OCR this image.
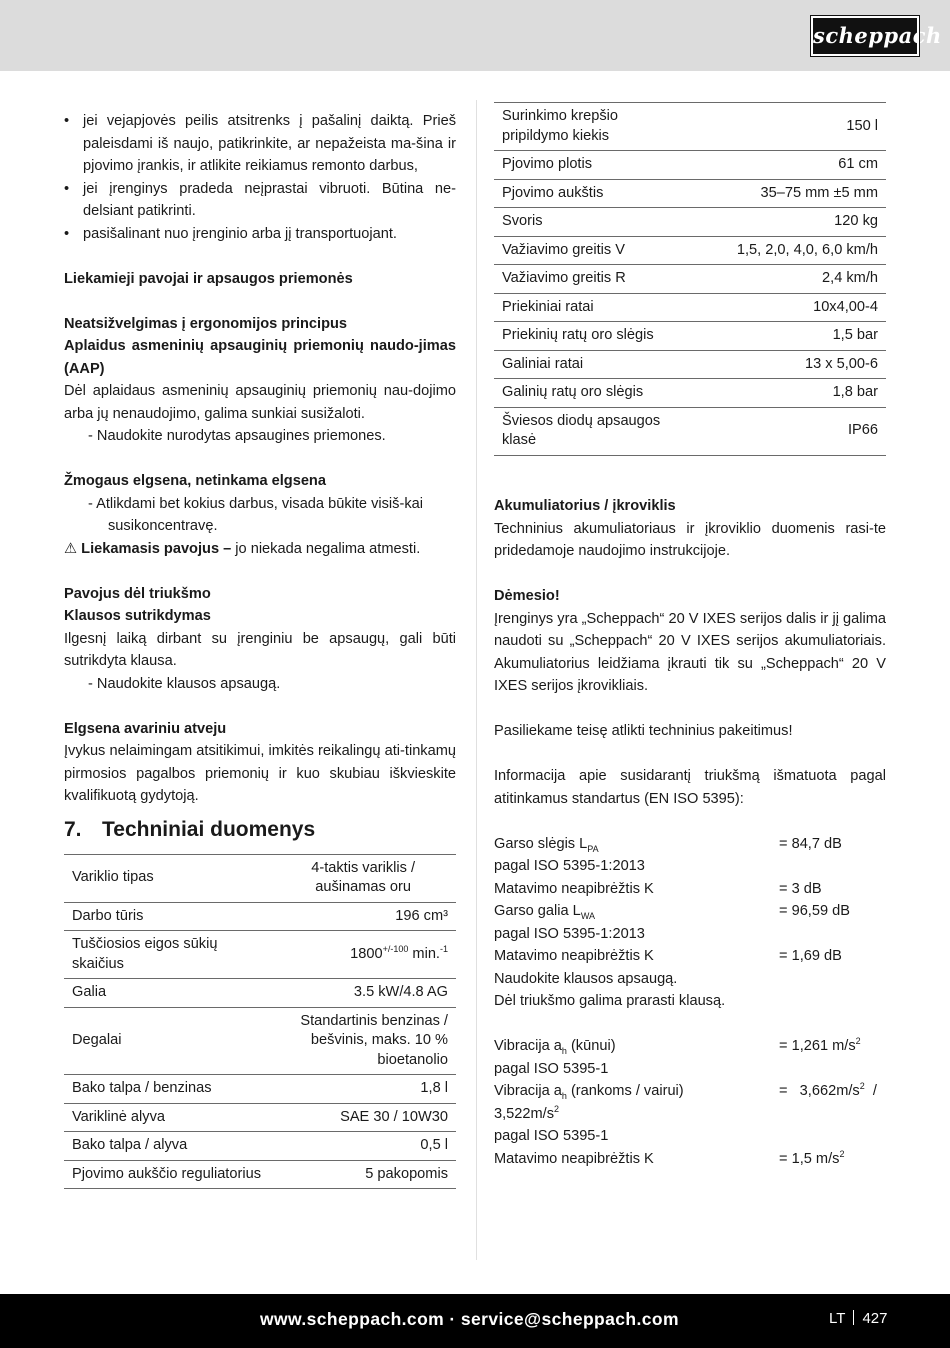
scheppach
• jei vejapjovės peilis atsitrenks į pašalinį daiktą. Prieš paleisdami iš naujo, patikrinkite, ar nepažeista ma-šina ir pjovimo įrankis, ir atlikite reikiamus remonto darbus,
• jei įrenginys pradeda neįprastai vibruoti. Būtina ne-delsiant patikrinti.
• pasišalinant nuo įrenginio arba jį transportuojant.

Liekamieji pavojai ir apsaugos priemonės

Neatsižvelgimas į ergonomijos principus

Aplaidus asmeninių apsauginių priemonių naudo-jimas (AAP)

Dėl aplaidaus asmeninių apsauginių priemonių nau-dojimo arba jų nenaudojimo, galima sunkiai susižaloti.

- Naudokite nurodytas apsaugines priemones.

Žmogaus elgsena, netinkama elgsena

- Atlikdami bet kokius darbus, visada būkite visiš-kai susikoncentravę.

⚠ Liekamasis pavojus – jo niekada negalima atmesti.

Pavojus dėl triukšmo

Klausos sutrikdymas

Ilgesnį laiką dirbant su įrenginiu be apsaugų, gali būti sutrikdyta klausa.

- Naudokite klausos apsaugą.

Elgsena avariniu atveju

Įvykus nelaimingam atsitikimui, imkitės reikalingų ati-tinkamų pirmosios pagalbos priemonių ir kuo skubiau iškvieskite kvalifikuotą gydytoją.

7. Techniniai duomenys
Variklio tipas	4-taktis variklis / aušinamas oru
Darbo tūris	196 cm³
Tuščiosios eigos sūkių skaičius	$1800^{+/-100}$ min.$^{-1}$
Galia	3.5 kW/4.8 AG
Degalai	Standartinis benzinas / bešvinis, maks. 10 % bioetanolio
Bako talpa / benzinas	1,8 l
Variklinė alyva	SAE 30 / 10W30
Bako talpa / alyva	0,5 l
Pjovimo aukščio reguliatorius	5 pakopomis
Surinkimo krepšio pripildymo kiekis	150 l
Pjovimo plotis	61 cm
Pjovimo aukštis	35–75 mm ±5 mm
Svoris	120 kg
Važiavimo greitis V	1,5, 2,0, 4,0, 6,0 km/h
Važiavimo greitis R	2,4 km/h
Priekiniai ratai	10x4,00-4
Priekinių ratų oro slėgis	1,5 bar
Galiniai ratai	13 x 5,00-6
Galinių ratų oro slėgis	1,8 bar
Šviesos diodų apsaugos klasė	IP66

Akumuliatorius / įkroviklis

Techninius akumuliatoriaus ir įkroviklio duomenis rasi-te pridedamoje naudojimo instrukcijoje.

Dėmesio!

Įrenginys yra „Scheppach“ 20 V IXES serijos dalis ir jį galima naudoti su „Scheppach“ 20 V IXES serijos akumuliatoriais. Akumuliatorius leidžiama įkrauti tik su „Scheppach“ 20 V IXES serijos įkrovikliais.

Pasiliekame teisę atlikti techninius pakeitimus!

Informacija apie susidarantį triukšmą išmatuota pagal atitinkamus standartus (EN ISO 5395):

Garso slėgis $L_{PA}$	= 84,7 dB

pagal ISO 5395-1:2013

Matavimo neapibrėžtis K	= 3 dB
Garso galia $L_{WA}$	= 96,59 dB

pagal ISO 5395-1:2013

Matavimo neapibrėžtis K	= 1,69 dB

Naudokite klausos apsaugą.

Dėl triukšmo galima prarasti klausą.

Vibracija $a_h$ (kūnui)	= 1,261 $m/s^2$

pagal ISO 5395-1

Vibracija $a_h$ (rankoms / vairui)	=   $3,662m/s^2$  /

$3,522m/s^2$

pagal ISO 5395-1

Matavimo neapibrėžtis K	= 1,5 $m/s^2$
www.scheppach.com · service@scheppach.com	LT 427
